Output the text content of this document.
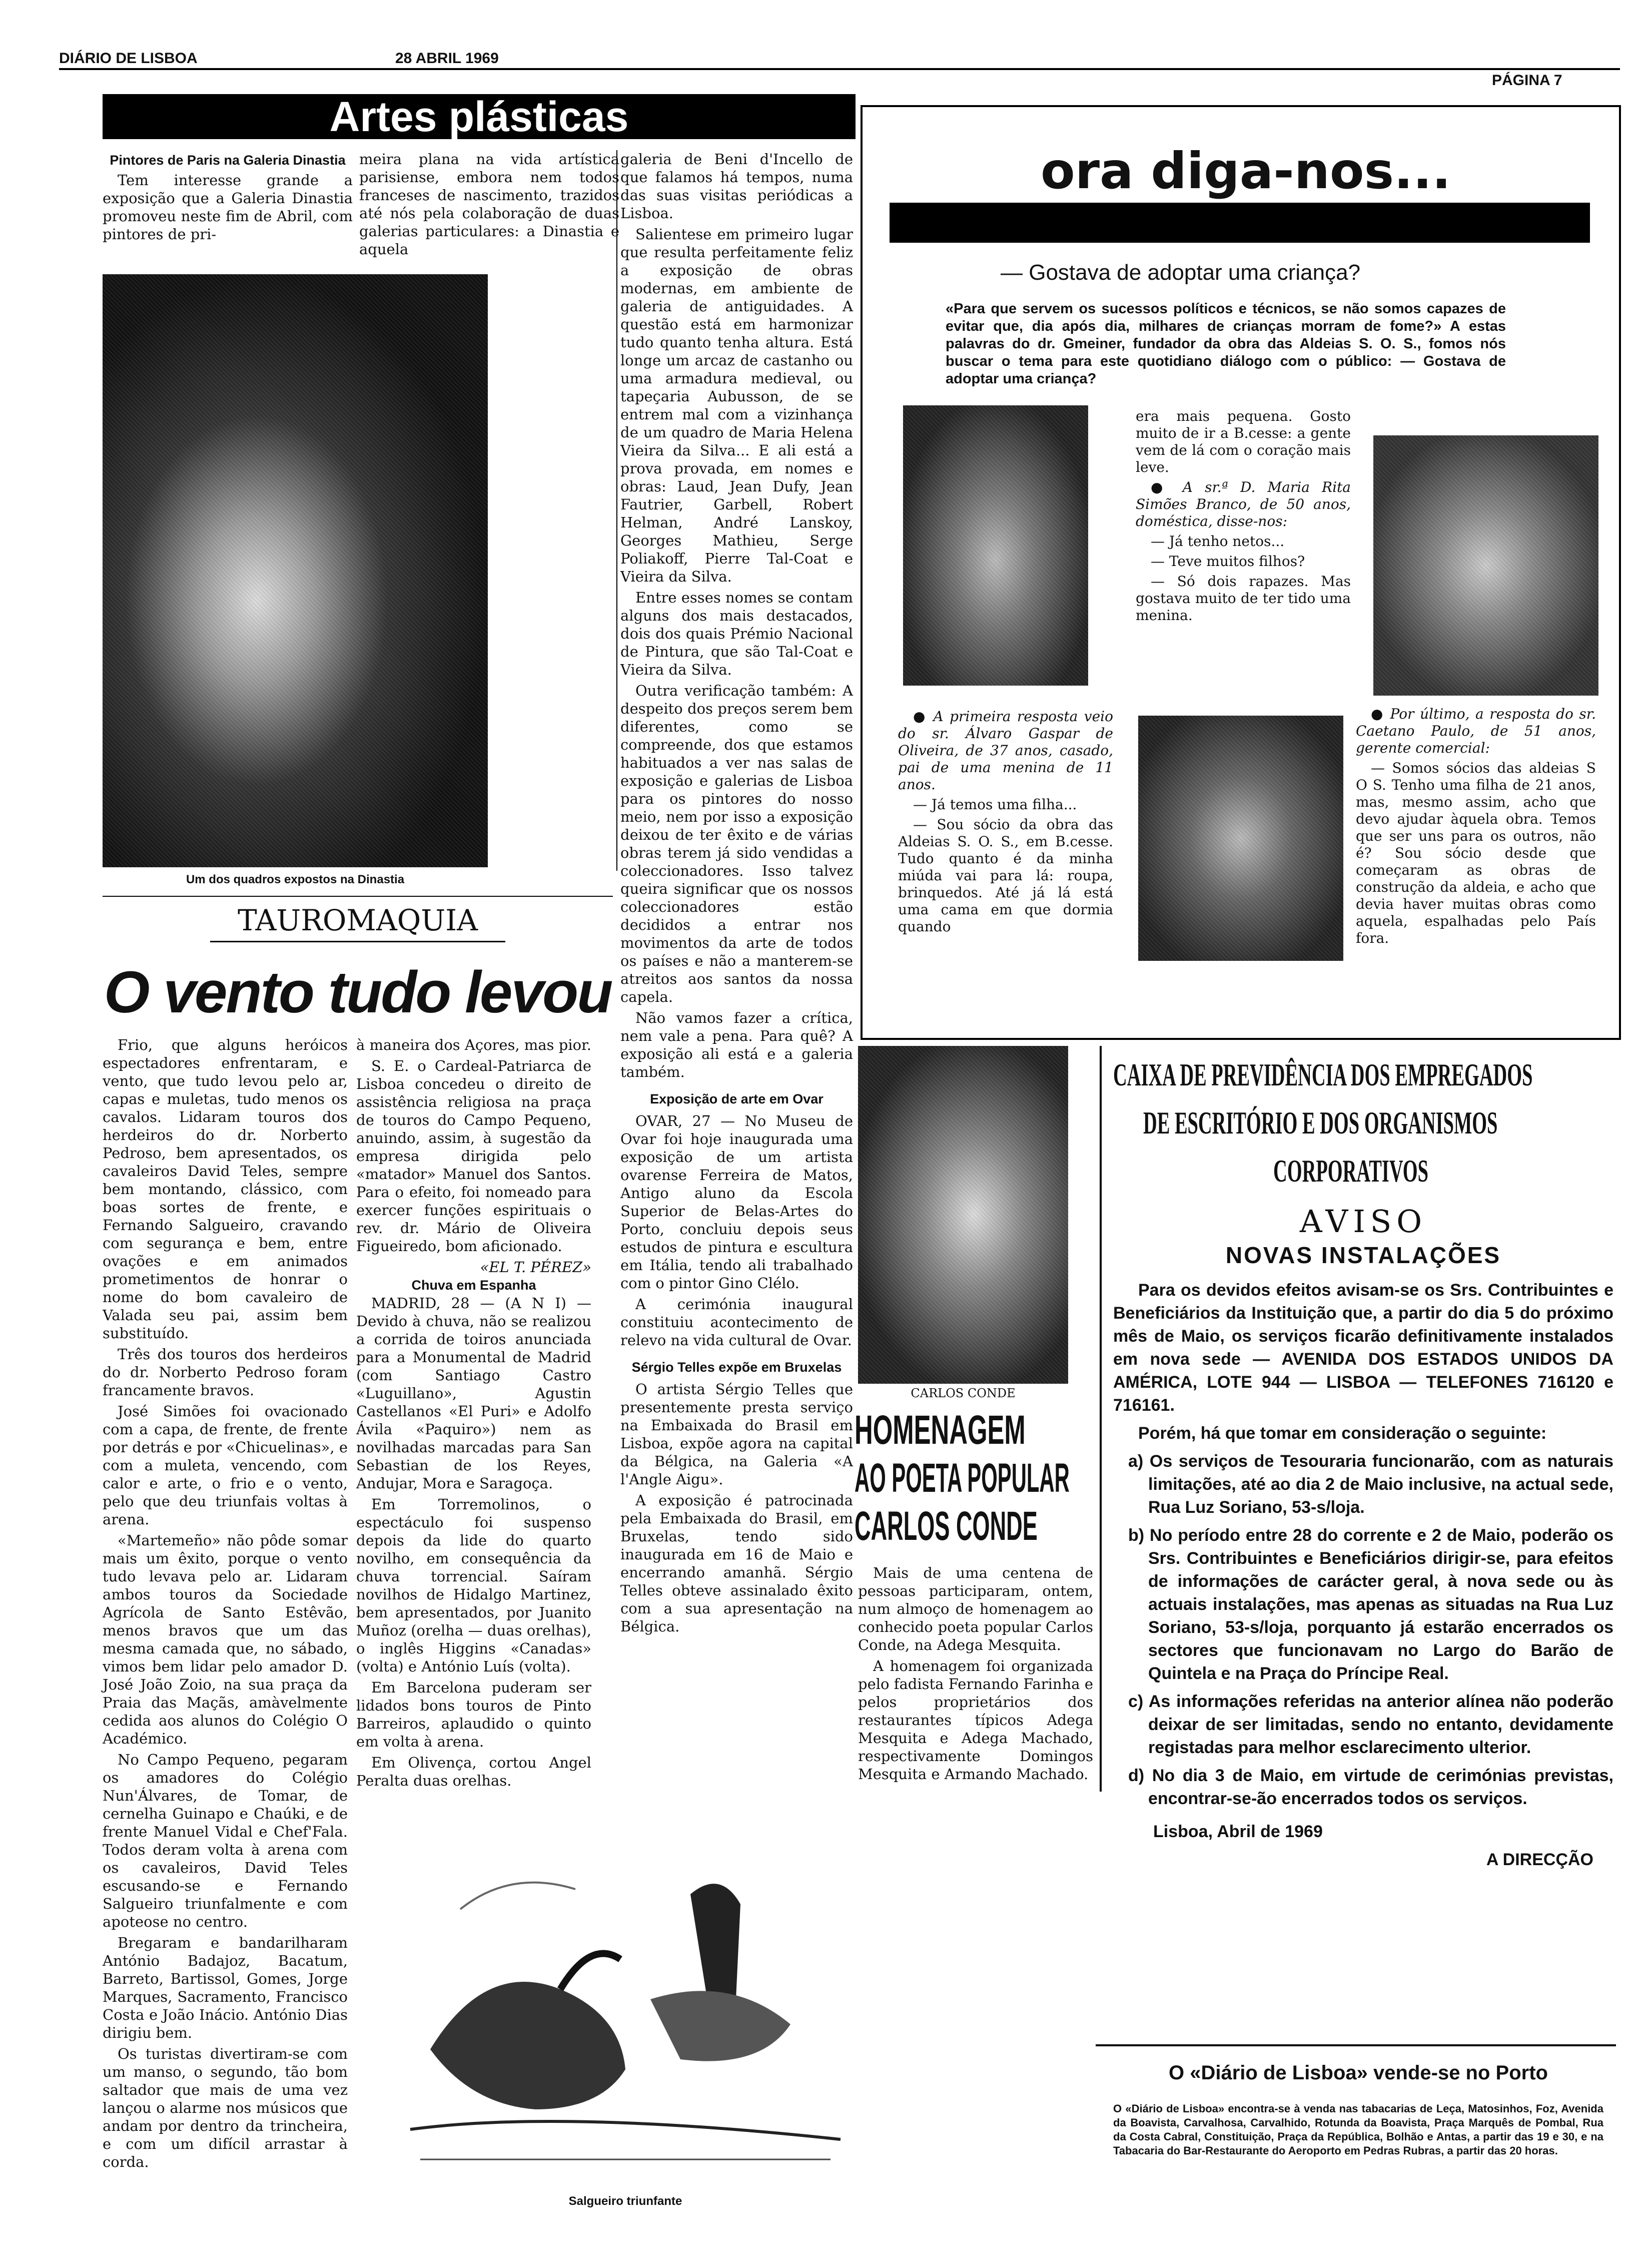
DIÁRIO DE LISBOA	28 ABRIL 1969
PÁGINA 7
Artes plásticas
Pintores de Paris na Galeria Dinastia

Tem interesse grande a exposição que a Galeria Dinastia promoveu neste fim de Abril, com pintores de pri-

Um dos quadros expostos na Dinastia

meira plana na vida artística parisiense, embora nem todos franceses de nascimento, trazidos até nós pela colaboração de duas galerias particulares: a Dinastia e aquela

galeria de Beni d'Incello de que falamos há tempos, numa das suas visitas periódicas a Lisboa.

Salientese em primeiro lugar que resulta perfeitamente feliz a exposição de obras modernas, em ambiente de galeria de antiguidades. A questão está em harmonizar tudo quanto tenha altura. Está longe um arcaz de castanho ou uma armadura medieval, ou tapeçaria Aubusson, de se entrem mal com a vizinhança de um quadro de Maria Helena Vieira da Silva... E ali está a prova provada, em nomes e obras: Laud, Jean Dufy, Jean Fautrier, Garbell, Robert Helman, André Lanskoy, Georges Mathieu, Serge Poliakoff, Pierre Tal-Coat e Vieira da Silva.

Entre esses nomes se contam alguns dos mais destacados, dois dos quais Prémio Nacional de Pintura, que são Tal-Coat e Vieira da Silva.

Outra verificação também: A despeito dos preços serem bem diferentes, como se compreende, dos que estamos habituados a ver nas salas de exposição e galerias de Lisboa para os pintores do nosso meio, nem por isso a exposição deixou de ter êxito e de várias obras terem já sido vendidas a coleccionadores. Isso talvez queira significar que os nossos coleccionadores estão decididos a entrar nos movimentos da arte de todos os países e não a manterem-se atreitos aos santos da nossa capela.

Não vamos fazer a crítica, nem vale a pena. Para quê? A exposição ali está e a galeria também.

Exposição de arte em Ovar

OVAR, 27 — No Museu de Ovar foi hoje inaugurada uma exposição de um artista ovarense Ferreira de Matos, Antigo aluno da Escola Superior de Belas-Artes do Porto, concluiu depois seus estudos de pintura e escultura em Itália, tendo ali trabalhado com o pintor Gino Clélo.

A cerimónia inaugural constituiu acontecimento de relevo na vida cultural de Ovar.

Sérgio Telles expõe em Bruxelas

O artista Sérgio Telles que presentemente presta serviço na Embaixada do Brasil em Lisboa, expõe agora na capital da Bélgica, na Galeria «A l'Angle Aigu».

A exposição é patrocinada pela Embaixada do Brasil, em Bruxelas, tendo sido inaugurada em 16 de Maio e encerrando amanhã. Sérgio Telles obteve assinalado êxito com a sua apresentação na Bélgica.

TAUROMAQUIA
O vento tudo levou

Frio, que alguns heróicos espectadores enfrentaram, e vento, que tudo levou pelo ar, capas e muletas, tudo menos os cavalos. Lidaram touros dos herdeiros do dr. Norberto Pedroso, bem apresentados, os cavaleiros David Teles, sempre bem montando, clássico, com boas sortes de frente, e Fernando Salgueiro, cravando com segurança e bem, entre ovações e em animados prometimentos de honrar o nome do bom cavaleiro de Valada seu pai, assim bem substituído.

Três dos touros dos herdeiros do dr. Norberto Pedroso foram francamente bravos.

José Simões foi ovacionado com a capa, de frente, de frente por detrás e por «Chicuelinas», e com a muleta, vencendo, com calor e arte, o frio e o vento, pelo que deu triunfais voltas à arena.

«Martemeño» não pôde somar mais um êxito, porque o vento tudo levava pelo ar. Lidaram ambos touros da Sociedade Agrícola de Santo Estêvão, menos bravos que um das mesma camada que, no sábado, vimos bem lidar pelo amador D. José João Zoio, na sua praça da Praia das Maçãs, amàvelmente cedida aos alunos do Colégio O Académico.

No Campo Pequeno, pegaram os amadores do Colégio Nun'Álvares, de Tomar, de cernelha Guinapo e Chaúki, e de frente Manuel Vidal e Chef'Fala. Todos deram volta à arena com os cavaleiros, David Teles escusando-se e Fernando Salgueiro triunfalmente e com apoteose no centro.

Bregaram e bandarilharam António Badajoz, Bacatum, Barreto, Bartissol, Gomes, Jorge Marques, Sacramento, Francisco Costa e João Inácio. António Dias dirigiu bem.

Os turistas divertiram-se com um manso, o segundo, tão bom saltador que mais de uma vez lançou o alarme nos músicos que andam por dentro da trincheira, e com um difícil arrastar à corda.

à maneira dos Açores, mas pior.

S. E. o Cardeal-Patriarca de Lisboa concedeu o direito de assistência religiosa na praça de touros do Campo Pequeno, anuindo, assim, à sugestão da empresa dirigida pelo «matador» Manuel dos Santos. Para o efeito, foi nomeado para exercer funções espirituais o rev. dr. Mário de Oliveira Figueiredo, bom aficionado.

«EL T. PÉREZ»
Chuva em Espanha

MADRID, 28 — (A N I) — Devido à chuva, não se realizou a corrida de toiros anunciada para a Monumental de Madrid (com Santiago Castro «Luguillano», Agustin Castellanos «El Puri» e Adolfo Ávila «Paquiro») nem as novilhadas marcadas para San Sebastian de los Reyes, Andujar, Mora e Saragoça.

Em Torremolinos, o espectáculo foi suspenso depois da lide do quarto novilho, em consequência da chuva torrencial. Saíram novilhos de Hidalgo Martinez, bem apresentados, por Juanito Muñoz (orelha — duas orelhas), o inglês Higgins «Canadas» (volta) e António Luís (volta).

Em Barcelona puderam ser lidados bons touros de Pinto Barreiros, aplaudido o quinto em volta à arena.

Em Olivença, cortou Angel Peralta duas orelhas.

Salgueiro triunfante
ora diga-nos...
— Gostava de adoptar uma criança?
«Para que servem os sucessos políticos e técnicos, se não somos capazes de evitar que, dia após dia, milhares de crianças morram de fome?» A estas palavras do dr. Gmeiner, fundador da obra das Aldeias S. O. S., fomos nós buscar o tema para este quotidiano diálogo com o público: — Gostava de adoptar uma criança?

era mais pequena. Gosto muito de ir a B.cesse: a gente vem de lá com o coração mais leve.

● A sr.ª D. Maria Rita Simões Branco, de 50 anos, doméstica, disse-nos:

— Já tenho netos...

— Teve muitos filhos?

— Só dois rapazes. Mas gostava muito de ter tido uma menina.

● A primeira resposta veio do sr. Álvaro Gaspar de Oliveira, de 37 anos, casado, pai de uma menina de 11 anos.

— Já temos uma filha...

— Sou sócio da obra das Aldeias S. O. S., em B.cesse. Tudo quanto é da minha miúda vai para lá: roupa, brinquedos. Até já lá está uma cama em que dormia quando

● Por último, a resposta do sr. Caetano Paulo, de 51 anos, gerente comercial:

— Somos sócios das aldeias S O S. Tenho uma filha de 21 anos, mas, mesmo assim, acho que devo ajudar àquela obra. Temos que ser uns para os outros, não é? Sou sócio desde que começaram as obras de construção da aldeia, e acho que devia haver muitas obras como aquela, espalhadas pelo País fora.

CARLOS CONDE
HOMENAGEM
AO POETA POPULAR
CARLOS CONDE

Mais de uma centena de pessoas participaram, ontem, num almoço de homenagem ao conhecido poeta popular Carlos Conde, na Adega Mesquita.

A homenagem foi organizada pelo fadista Fernando Farinha e pelos proprietários dos restaurantes típicos Adega Mesquita e Adega Machado, respectivamente Domingos Mesquita e Armando Machado.

CAIXA DE PREVIDÊNCIA DOS EMPREGADOS
DE ESCRITÓRIO E DOS ORGANISMOS
CORPORATIVOS
AVISO
NOVAS INSTALAÇÕES

Para os devidos efeitos avisam-se os Srs. Contribuintes e Beneficiários da Instituição que, a partir do dia 5 do próximo mês de Maio, os serviços ficarão definitivamente instalados em nova sede — AVENIDA DOS ESTADOS UNIDOS DA AMÉRICA, LOTE 944 — LISBOA — TELEFONES 716120 e 716161.

Porém, há que tomar em consideração o seguinte:

a) Os serviços de Tesouraria funcionarão, com as naturais limitações, até ao dia 2 de Maio inclusive, na actual sede, Rua Luz Soriano, 53-s/loja.

b) No período entre 28 do corrente e 2 de Maio, poderão os Srs. Contribuintes e Beneficiários dirigir-se, para efeitos de informações de carácter geral, à nova sede ou às actuais instalações, mas apenas as situadas na Rua Luz Soriano, 53-s/loja, porquanto já estarão encerrados os sectores que funcionavam no Largo do Barão de Quintela e na Praça do Príncipe Real.

c) As informações referidas na anterior alínea não poderão deixar de ser limitadas, sendo no entanto, devidamente registadas para melhor esclarecimento ulterior.

d) No dia 3 de Maio, em virtude de cerimónias previstas, encontrar-se-ão encerrados todos os serviços.

Lisboa, Abril de 1969

A DIRECÇÃO

O «Diário de Lisboa» vende-se no Porto
O «Diário de Lisboa» encontra-se à venda nas tabacarias de Leça, Matosinhos, Foz, Avenida da Boavista, Carvalhosa, Carvalhido, Rotunda da Boavista, Praça Marquês de Pombal, Rua da Costa Cabral, Constituição, Praça da República, Bolhão e Antas, a partir das 19 e 30, e na Tabacaria do Bar-Restaurante do Aeroporto em Pedras Rubras, a partir das 20 horas.
